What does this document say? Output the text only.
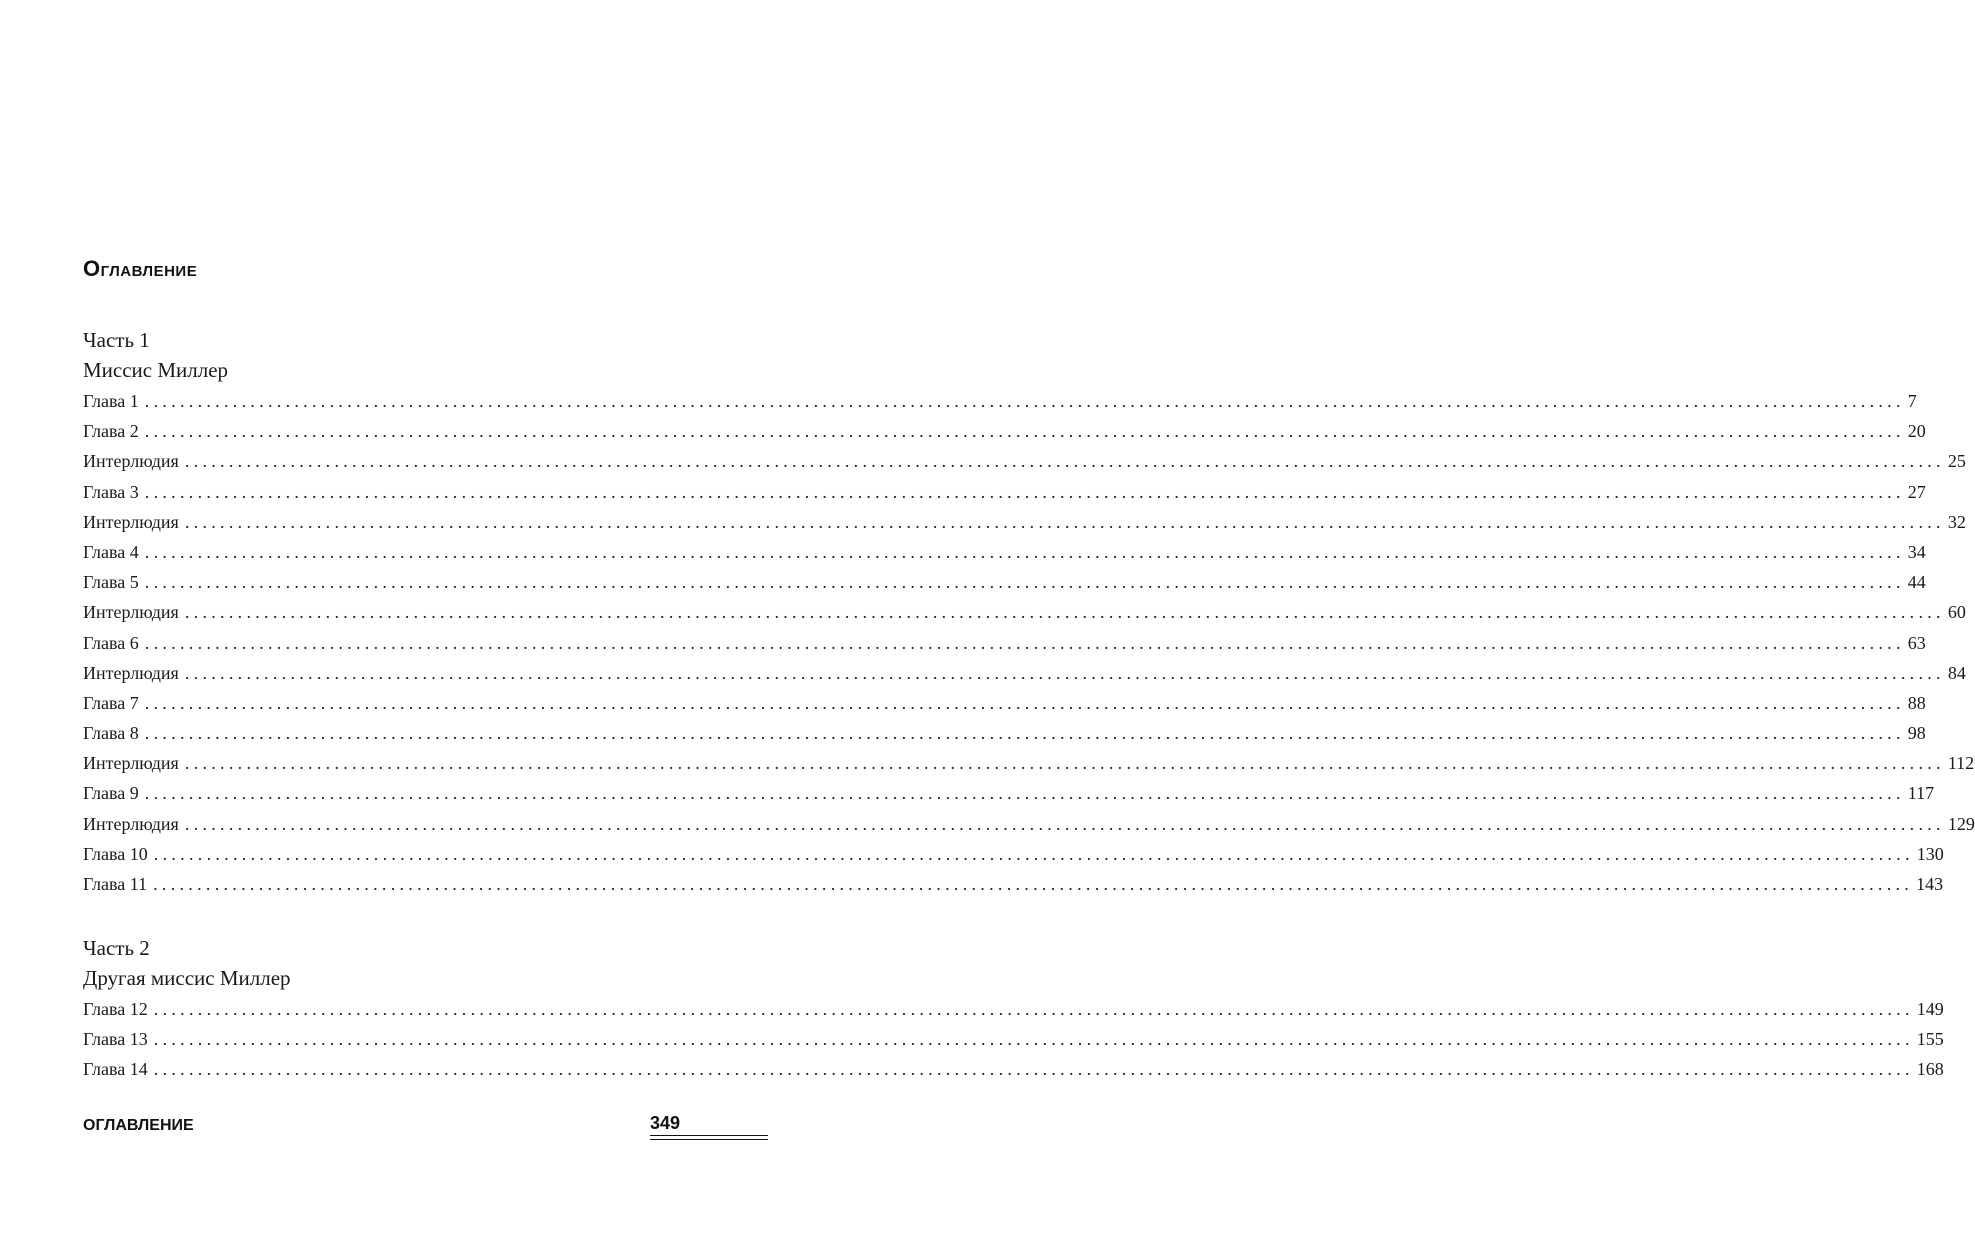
Оглавление
Часть 1
Миссис Миллер
Глава 1 ........................................................................................................................................................................................................ 7
Глава 2 ........................................................................................................................................................................................................ 20
Интерлюдия ........................................................................................................................................................................................................ 25
Глава 3 ........................................................................................................................................................................................................ 27
Интерлюдия ........................................................................................................................................................................................................ 32
Глава 4 ........................................................................................................................................................................................................ 34
Глава 5 ........................................................................................................................................................................................................ 44
Интерлюдия ........................................................................................................................................................................................................ 60
Глава 6 ........................................................................................................................................................................................................ 63
Интерлюдия ........................................................................................................................................................................................................ 84
Глава 7 ........................................................................................................................................................................................................ 88
Глава 8 ........................................................................................................................................................................................................ 98
Интерлюдия ........................................................................................................................................................................................................ 112
Глава 9 ........................................................................................................................................................................................................ 117
Интерлюдия ........................................................................................................................................................................................................ 129
Глава 10 ........................................................................................................................................................................................................ 130
Глава 11 ........................................................................................................................................................................................................ 143
Часть 2
Другая миссис Миллер
Глава 12 ........................................................................................................................................................................................................ 149
Глава 13 ........................................................................................................................................................................................................ 155
Глава 14 ........................................................................................................................................................................................................ 168
ОГЛАВЛЕНИЕ	349
